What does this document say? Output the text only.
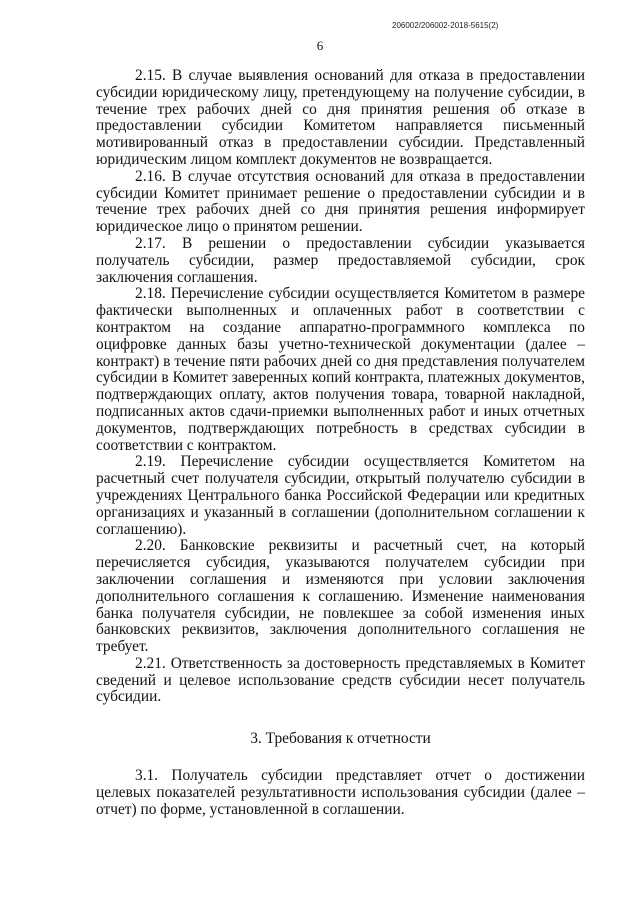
206002/206002-2018-5615(2)
6

2.15. В случае выявления оснований для отказа в предоставлении субсидии юридическому лицу, претендующему на получение субсидии, в течение трех рабочих дней со дня принятия решения об отказе в предоставлении субсидии Комитетом направляется письменный мотивированный отказ в предоставлении субсидии. Представленный юридическим лицом комплект документов не возвращается.

2.16. В случае отсутствия оснований для отказа в предоставлении субсидии Комитет принимает решение о предоставлении субсидии и в течение трех рабочих дней со дня принятия решения информирует юридическое лицо о принятом решении.

2.17. В решении о предоставлении субсидии указывается получатель субсидии, размер предоставляемой субсидии, срок заключения соглашения.

2.18. Перечисление субсидии осуществляется Комитетом в размере фактически выполненных и оплаченных работ в соответствии с контрактом на создание аппаратно-программного комплекса по оцифровке данных базы учетно-технической документации (далее – контракт) в течение пяти рабочих дней со дня представления получателем субсидии в Комитет заверенных копий контракта, платежных документов, подтверждающих оплату, актов получения товара, товарной накладной, подписанных актов сдачи-приемки выполненных работ и иных отчетных документов, подтверждающих потребность в средствах субсидии в соответствии с контрактом.

2.19. Перечисление субсидии осуществляется Комитетом на расчетный счет получателя субсидии, открытый получателю субсидии в учреждениях Центрального банка Российской Федерации или кредитных организациях и указанный в соглашении (дополнительном соглашении к соглашению).

2.20. Банковские реквизиты и расчетный счет, на который перечисляется субсидия, указываются получателем субсидии при заключении соглашения и изменяются при условии заключения дополнительного соглашения к соглашению. Изменение наименования банка получателя субсидии, не повлекшее за собой изменения иных банковских реквизитов, заключения дополнительного соглашения не требует.

2.21. Ответственность за достоверность представляемых в Комитет сведений и целевое использование средств субсидии несет получатель субсидии.

3. Требования к отчетности

3.1. Получатель субсидии представляет отчет о достижении целевых показателей результативности использования субсидии (далее – отчет) по форме, установленной в соглашении.
